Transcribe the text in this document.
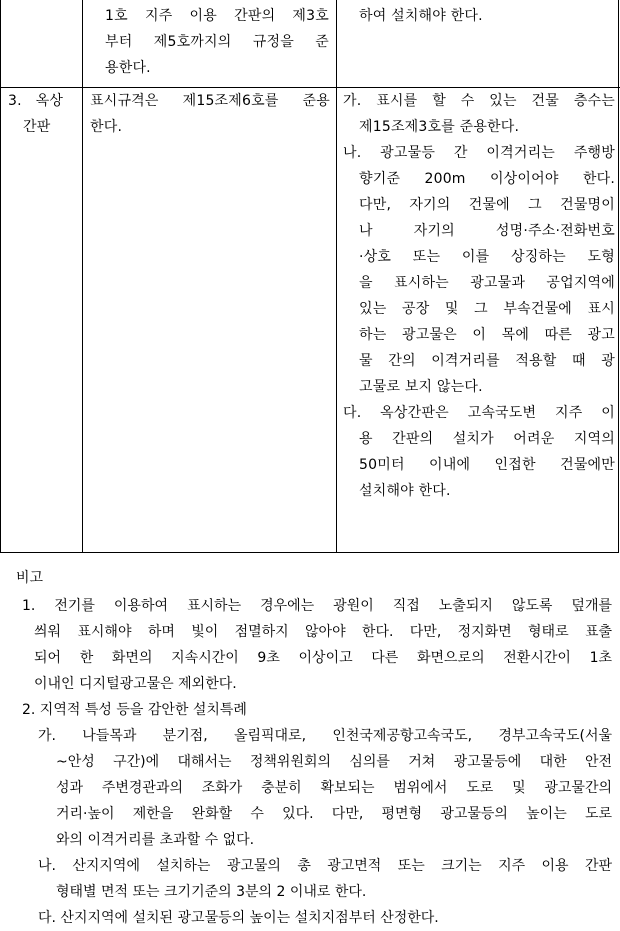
1호 지주 이용 간판의 제3호
부터 제5호까지의 규정을 준
용한다.
하여 설치해야 한다.
3.   옥상
간판
표시규격은 제15조제6호를 준용
한다.
가. 표시를 할 수 있는 건물 층수는
제15조제3호를 준용한다.
나. 광고물등 간 이격거리는 주행방
향기준  200m  이상이어야  한다.
다만, 자기의 건물에 그 건물명이
나 자기의 성명·주소·전화번호
·상호 또는 이를 상징하는 도형
을 표시하는 광고물과 공업지역에
있는 공장 및 그 부속건물에 표시
하는 광고물은 이 목에 따른 광고
물 간의 이격거리를 적용할 때 광
고물로 보지 않는다.
다. 옥상간판은 고속국도변 지주 이
용 간판의 설치가 어려운 지역의
50미터 이내에 인접한 건물에만
설치해야 한다.
비고
1. 전기를 이용하여 표시하는 경우에는 광원이 직접 노출되지 않도록 덮개를
씌워 표시해야 하며 빛이 점멸하지 않아야 한다. 다만, 정지화면 형태로 표출
되어 한 화면의 지속시간이 9초 이상이고 다른 화면으로의 전환시간이 1초
이내인 디지털광고물은 제외한다.
2. 지역적 특성 등을 감안한 설치특례
가. 나들목과 분기점, 올림픽대로, 인천국제공항고속국도, 경부고속국도(서울
~안성 구간)에 대해서는 정책위원회의 심의를 거쳐 광고물등에 대한 안전
성과 주변경관과의 조화가 충분히 확보되는 범위에서 도로 및 광고물간의
거리·높이 제한을 완화할 수 있다. 다만, 평면형 광고물등의 높이는 도로
와의 이격거리를 초과할 수 없다.
나. 산지지역에 설치하는 광고물의 총 광고면적 또는 크기는 지주 이용 간판
형태별 면적 또는 크기기준의 3분의 2 이내로 한다.
다. 산지지역에 설치된 광고물등의 높이는 설치지점부터 산정한다.
